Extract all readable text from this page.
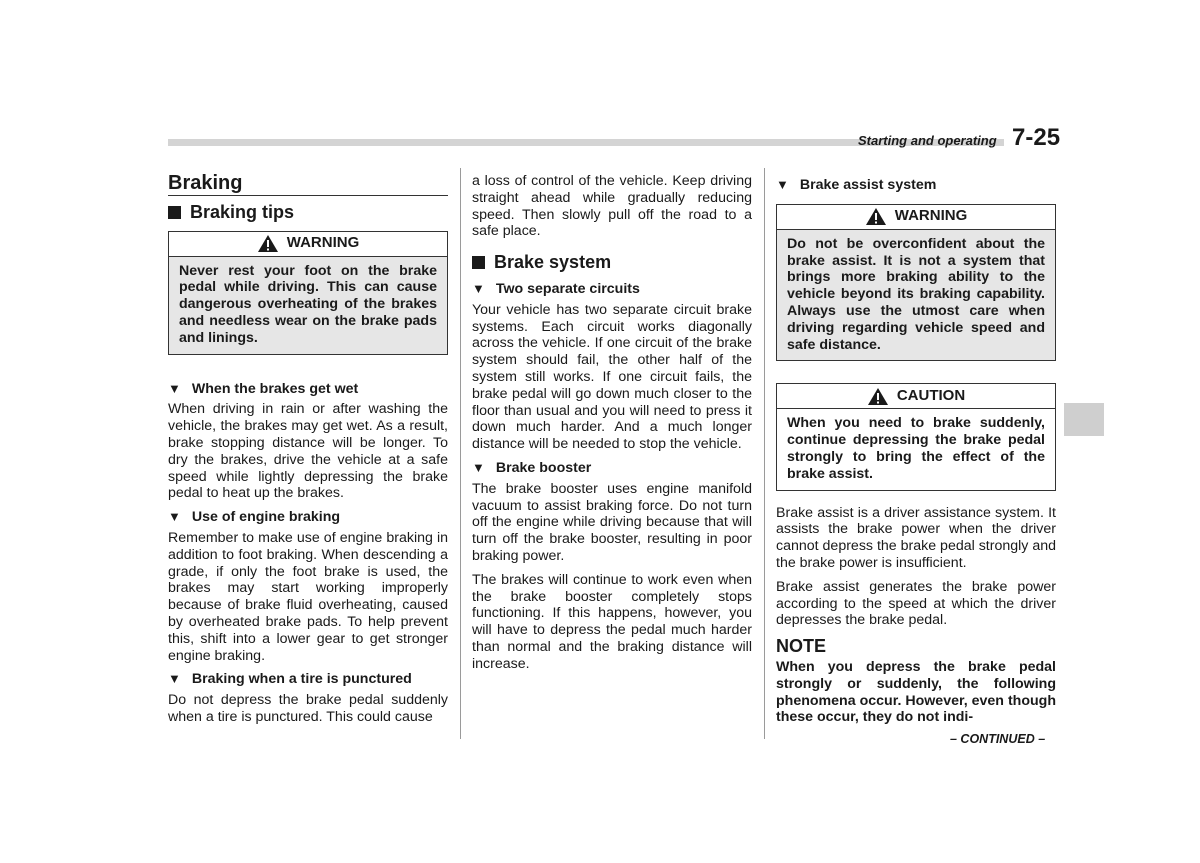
Starting and operating 7-25
Braking
Braking tips
WARNING
Never rest your foot on the brake pedal while driving. This can cause dangerous overheating of the brakes and needless wear on the brake pads and linings.
▼ When the brakes get wet

When driving in rain or after washing the vehicle, the brakes may get wet. As a result, brake stopping distance will be longer. To dry the brakes, drive the vehicle at a safe speed while lightly depressing the brake pedal to heat up the brakes.

▼ Use of engine braking

Remember to make use of engine braking in addition to foot braking. When descending a grade, if only the foot brake is used, the brakes may start working improperly because of brake fluid overheating, caused by overheated brake pads. To help prevent this, shift into a lower gear to get stronger engine braking.

▼ Braking when a tire is punctured

Do not depress the brake pedal suddenly when a tire is punctured. This could cause

a loss of control of the vehicle. Keep driving straight ahead while gradually reducing speed. Then slowly pull off the road to a safe place.

Brake system
▼ Two separate circuits

Your vehicle has two separate circuit brake systems. Each circuit works diagonally across the vehicle. If one circuit of the brake system should fail, the other half of the system still works. If one circuit fails, the brake pedal will go down much closer to the floor than usual and you will need to press it down much harder. And a much longer distance will be needed to stop the vehicle.

▼ Brake booster

The brake booster uses engine manifold vacuum to assist braking force. Do not turn off the engine while driving because that will turn off the brake booster, resulting in poor braking power.

The brakes will continue to work even when the brake booster completely stops functioning. If this happens, however, you will have to depress the pedal much harder than normal and the braking distance will increase.

▼ Brake assist system
WARNING
Do not be overconfident about the brake assist. It is not a system that brings more braking ability to the vehicle beyond its braking capability. Always use the utmost care when driving regarding vehicle speed and safe distance.
CAUTION
When you need to brake suddenly, continue depressing the brake pedal strongly to bring the effect of the brake assist.

Brake assist is a driver assistance system. It assists the brake power when the driver cannot depress the brake pedal strongly and the brake power is insufficient.

Brake assist generates the brake power according to the speed at which the driver depresses the brake pedal.

NOTE

When you depress the brake pedal strongly or suddenly, the following phenomena occur. However, even though these occur, they do not indi-

– CONTINUED –
